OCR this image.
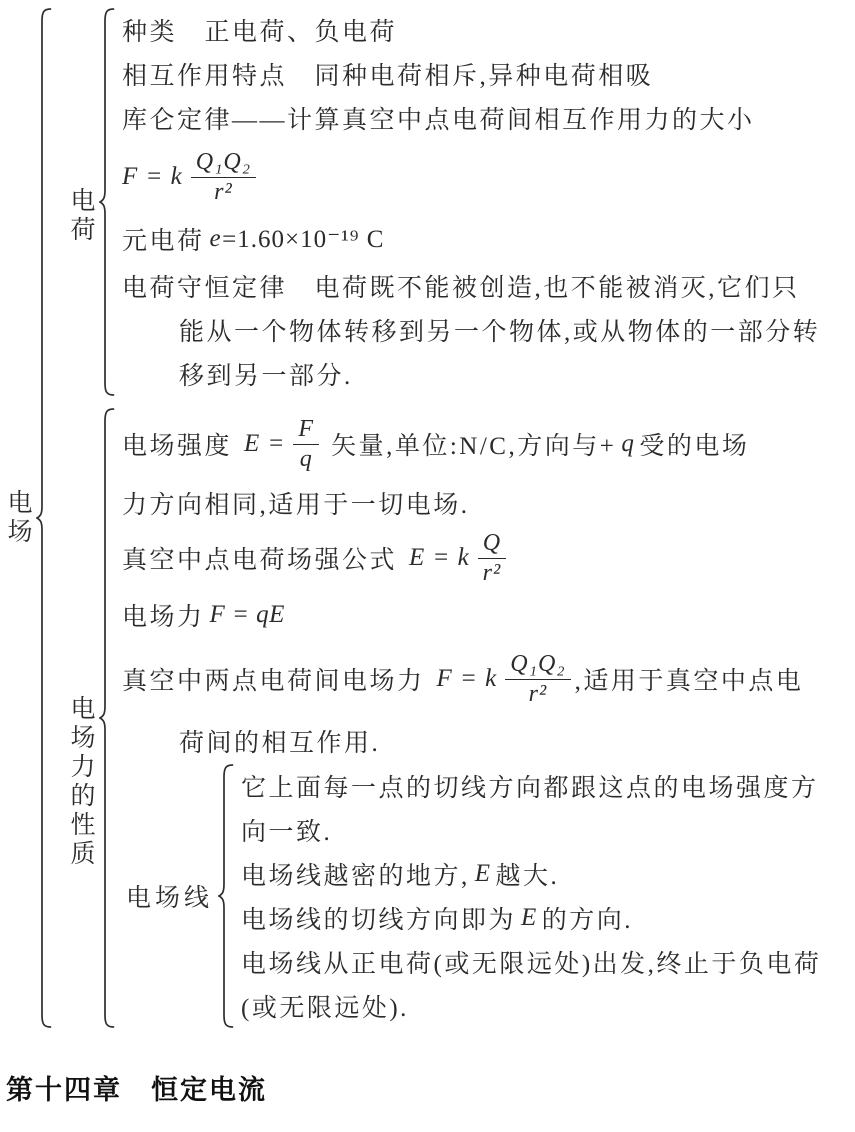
电场
电荷
种类　正电荷、负电荷
相互作用特点　同种电荷相斥,异种电荷相吸
库仑定律——计算真空中点电荷间相互作用力的大小
F = k $\frac{\text{Q₁Q₂}}{\text{r²}}$
元电荷 e =1.60×10⁻¹⁹ C
电荷守恒定律　电荷既不能被创造,也不能被消灭,它们只
能从一个物体转移到另一个物体,或从物体的一部分转
移到另一部分.
电场力的性质
电场强度 $E = \frac{F}{q}$ 矢量,单位:N/C,方向与+ q 受的电场
力方向相同,适用于一切电场.
真空中点电荷场强公式 E = k $\frac{Q}{\text{r²}}$
电场力 F = qE
真空中两点电荷间电场力 F = k $\frac{\text{Q₁Q₂}}{\text{r²}}$ ,适用于真空中点电
荷间的相互作用.
电场线
它上面每一点的切线方向都跟这点的电场强度方
向一致.
电场线越密的地方, E 越大.
电场线的切线方向即为 E 的方向.
电场线从正电荷(或无限远处)出发,终止于负电荷
(或无限远处).
第十四章　恒定电流
